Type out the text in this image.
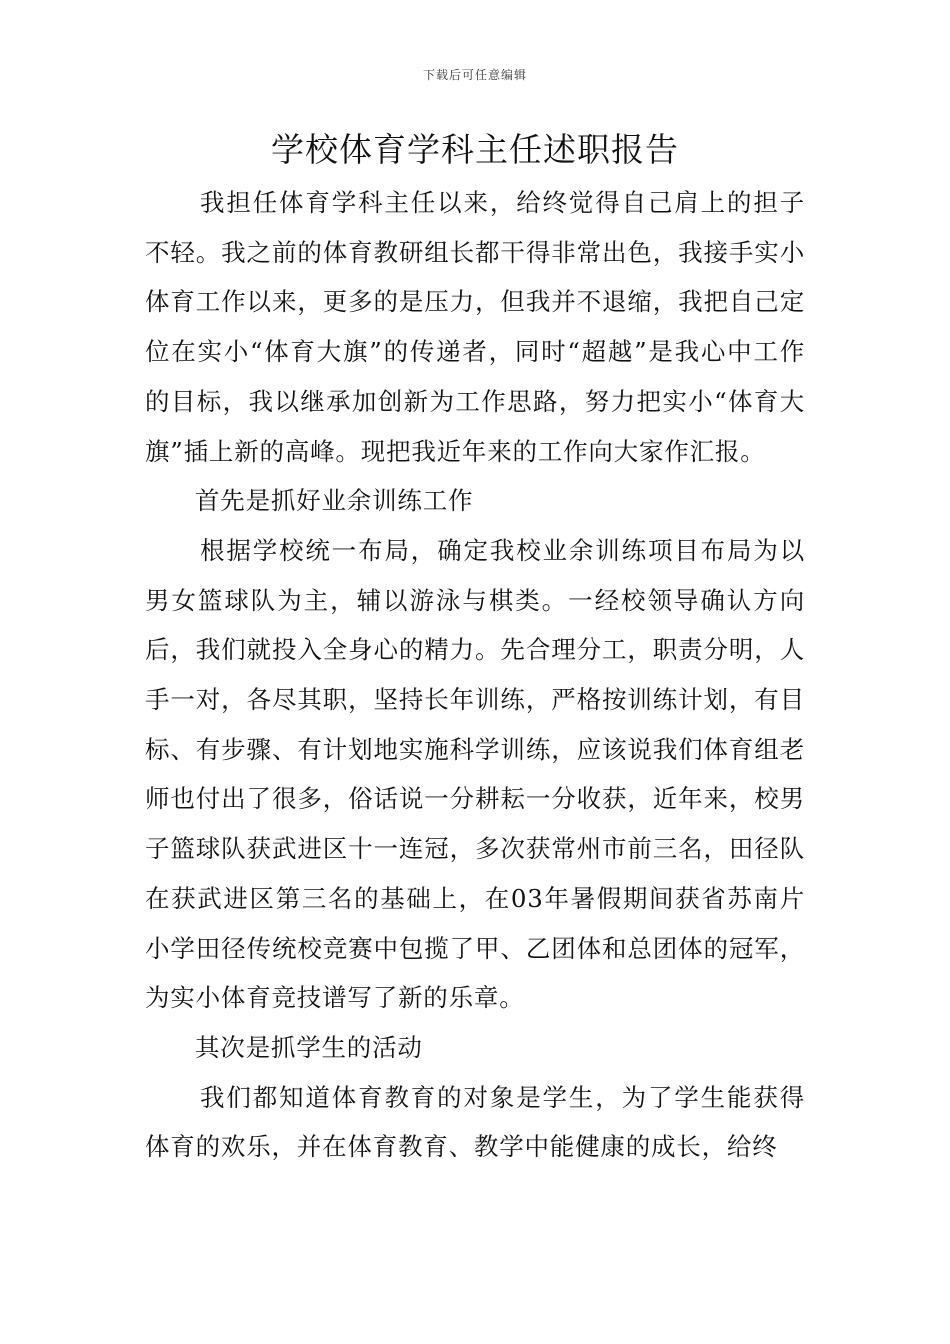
下载后可任意编辑
学校体育学科主任述职报告

我担任体育学科主任以来，给终觉得自己肩上的担子不轻。我之前的体育教研组长都干得非常出色，我接手实小体育工作以来，更多的是压力，但我并不退缩，我把自己定位在实小“体育大旗”的传递者，同时“超越”是我心中工作的目标，我以继承加创新为工作思路，努力把实小“体育大旗”插上新的高峰。现把我近年来的工作向大家作汇报。

首先是抓好业余训练工作

根据学校统一布局，确定我校业余训练项目布局为以男女篮球队为主，辅以游泳与棋类。一经校领导确认方向后，我们就投入全身心的精力。先合理分工，职责分明，人手一对，各尽其职，坚持长年训练，严格按训练计划，有目标、有步骤、有计划地实施科学训练，应该说我们体育组老师也付出了很多，俗话说一分耕耘一分收获，近年来，校男子篮球队获武进区十一连冠，多次获常州市前三名，田径队在获武进区第三名的基础上，在03年暑假期间获省苏南片小学田径传统校竞赛中包揽了甲、乙团体和总团体的冠军，为实小体育竞技谱写了新的乐章。

其次是抓学生的活动

我们都知道体育教育的对象是学生，为了学生能获得体育的欢乐，并在体育教育、教学中能健康的成长，给终
